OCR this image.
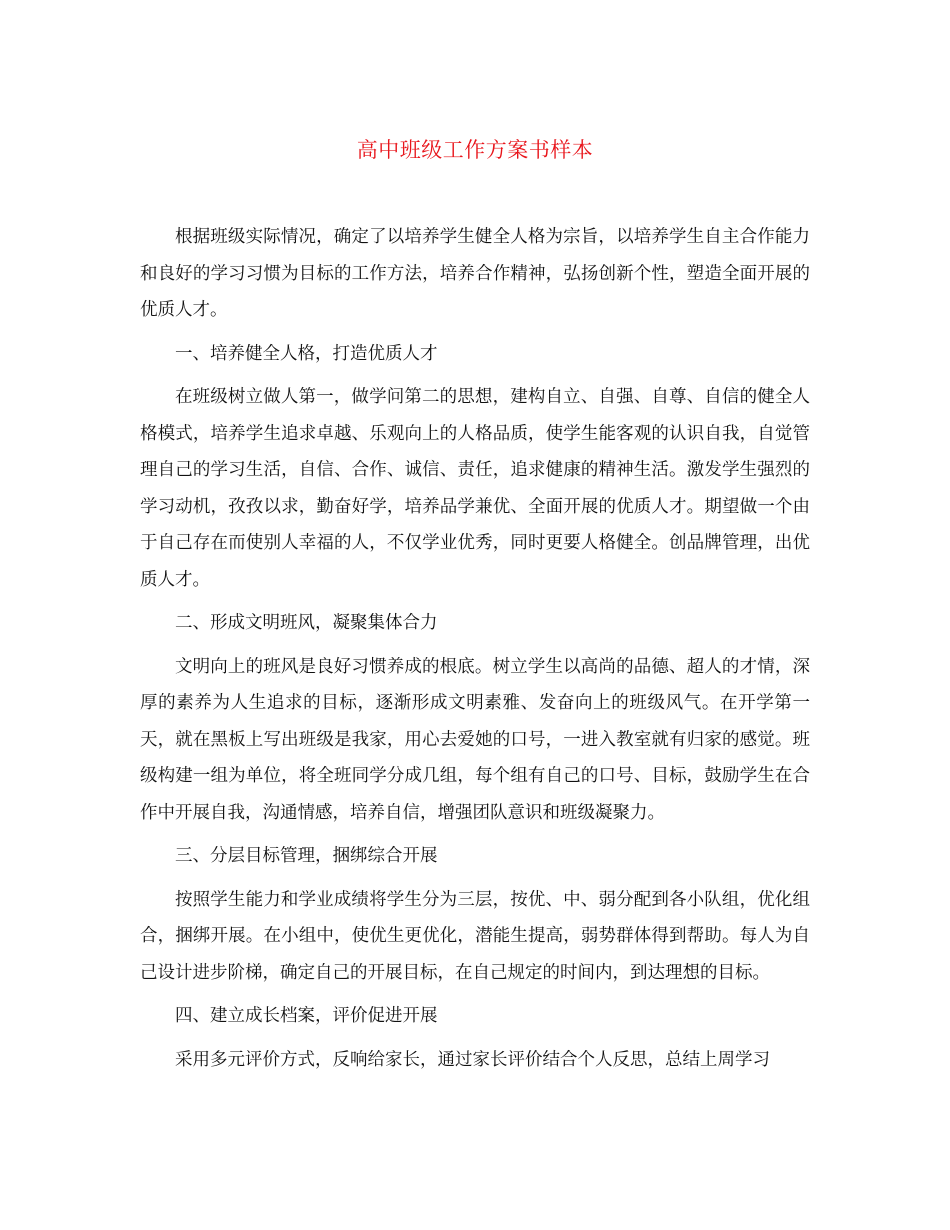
高中班级工作方案书样本

根据班级实际情况，确定了以培养学生健全人格为宗旨，以培养学生自主合作能力和良好的学习习惯为目标的工作方法，培养合作精神，弘扬创新个性，塑造全面开展的优质人才。

一、培养健全人格，打造优质人才

在班级树立做人第一，做学问第二的思想，建构自立、自强、自尊、自信的健全人格模式，培养学生追求卓越、乐观向上的人格品质，使学生能客观的认识自我，自觉管理自己的学习生活，自信、合作、诚信、责任，追求健康的精神生活。激发学生强烈的学习动机，孜孜以求，勤奋好学，培养品学兼优、全面开展的优质人才。期望做一个由于自己存在而使别人幸福的人，不仅学业优秀，同时更要人格健全。创品牌管理，出优质人才。

二、形成文明班风，凝聚集体合力

文明向上的班风是良好习惯养成的根底。树立学生以高尚的品德、超人的才情，深厚的素养为人生追求的目标，逐渐形成文明素雅、发奋向上的班级风气。在开学第一天，就在黑板上写出班级是我家，用心去爱她的口号，一进入教室就有归家的感觉。班级构建一组为单位，将全班同学分成几组，每个组有自己的口号、目标，鼓励学生在合作中开展自我，沟通情感，培养自信，增强团队意识和班级凝聚力。

三、分层目标管理，捆绑综合开展

按照学生能力和学业成绩将学生分为三层，按优、中、弱分配到各小队组，优化组合，捆绑开展。在小组中，使优生更优化，潜能生提高，弱势群体得到帮助。每人为自己设计进步阶梯，确定自己的开展目标，在自己规定的时间内，到达理想的目标。

四、建立成长档案，评价促进开展

采用多元评价方式，反响给家长，通过家长评价结合个人反思，总结上周学习
